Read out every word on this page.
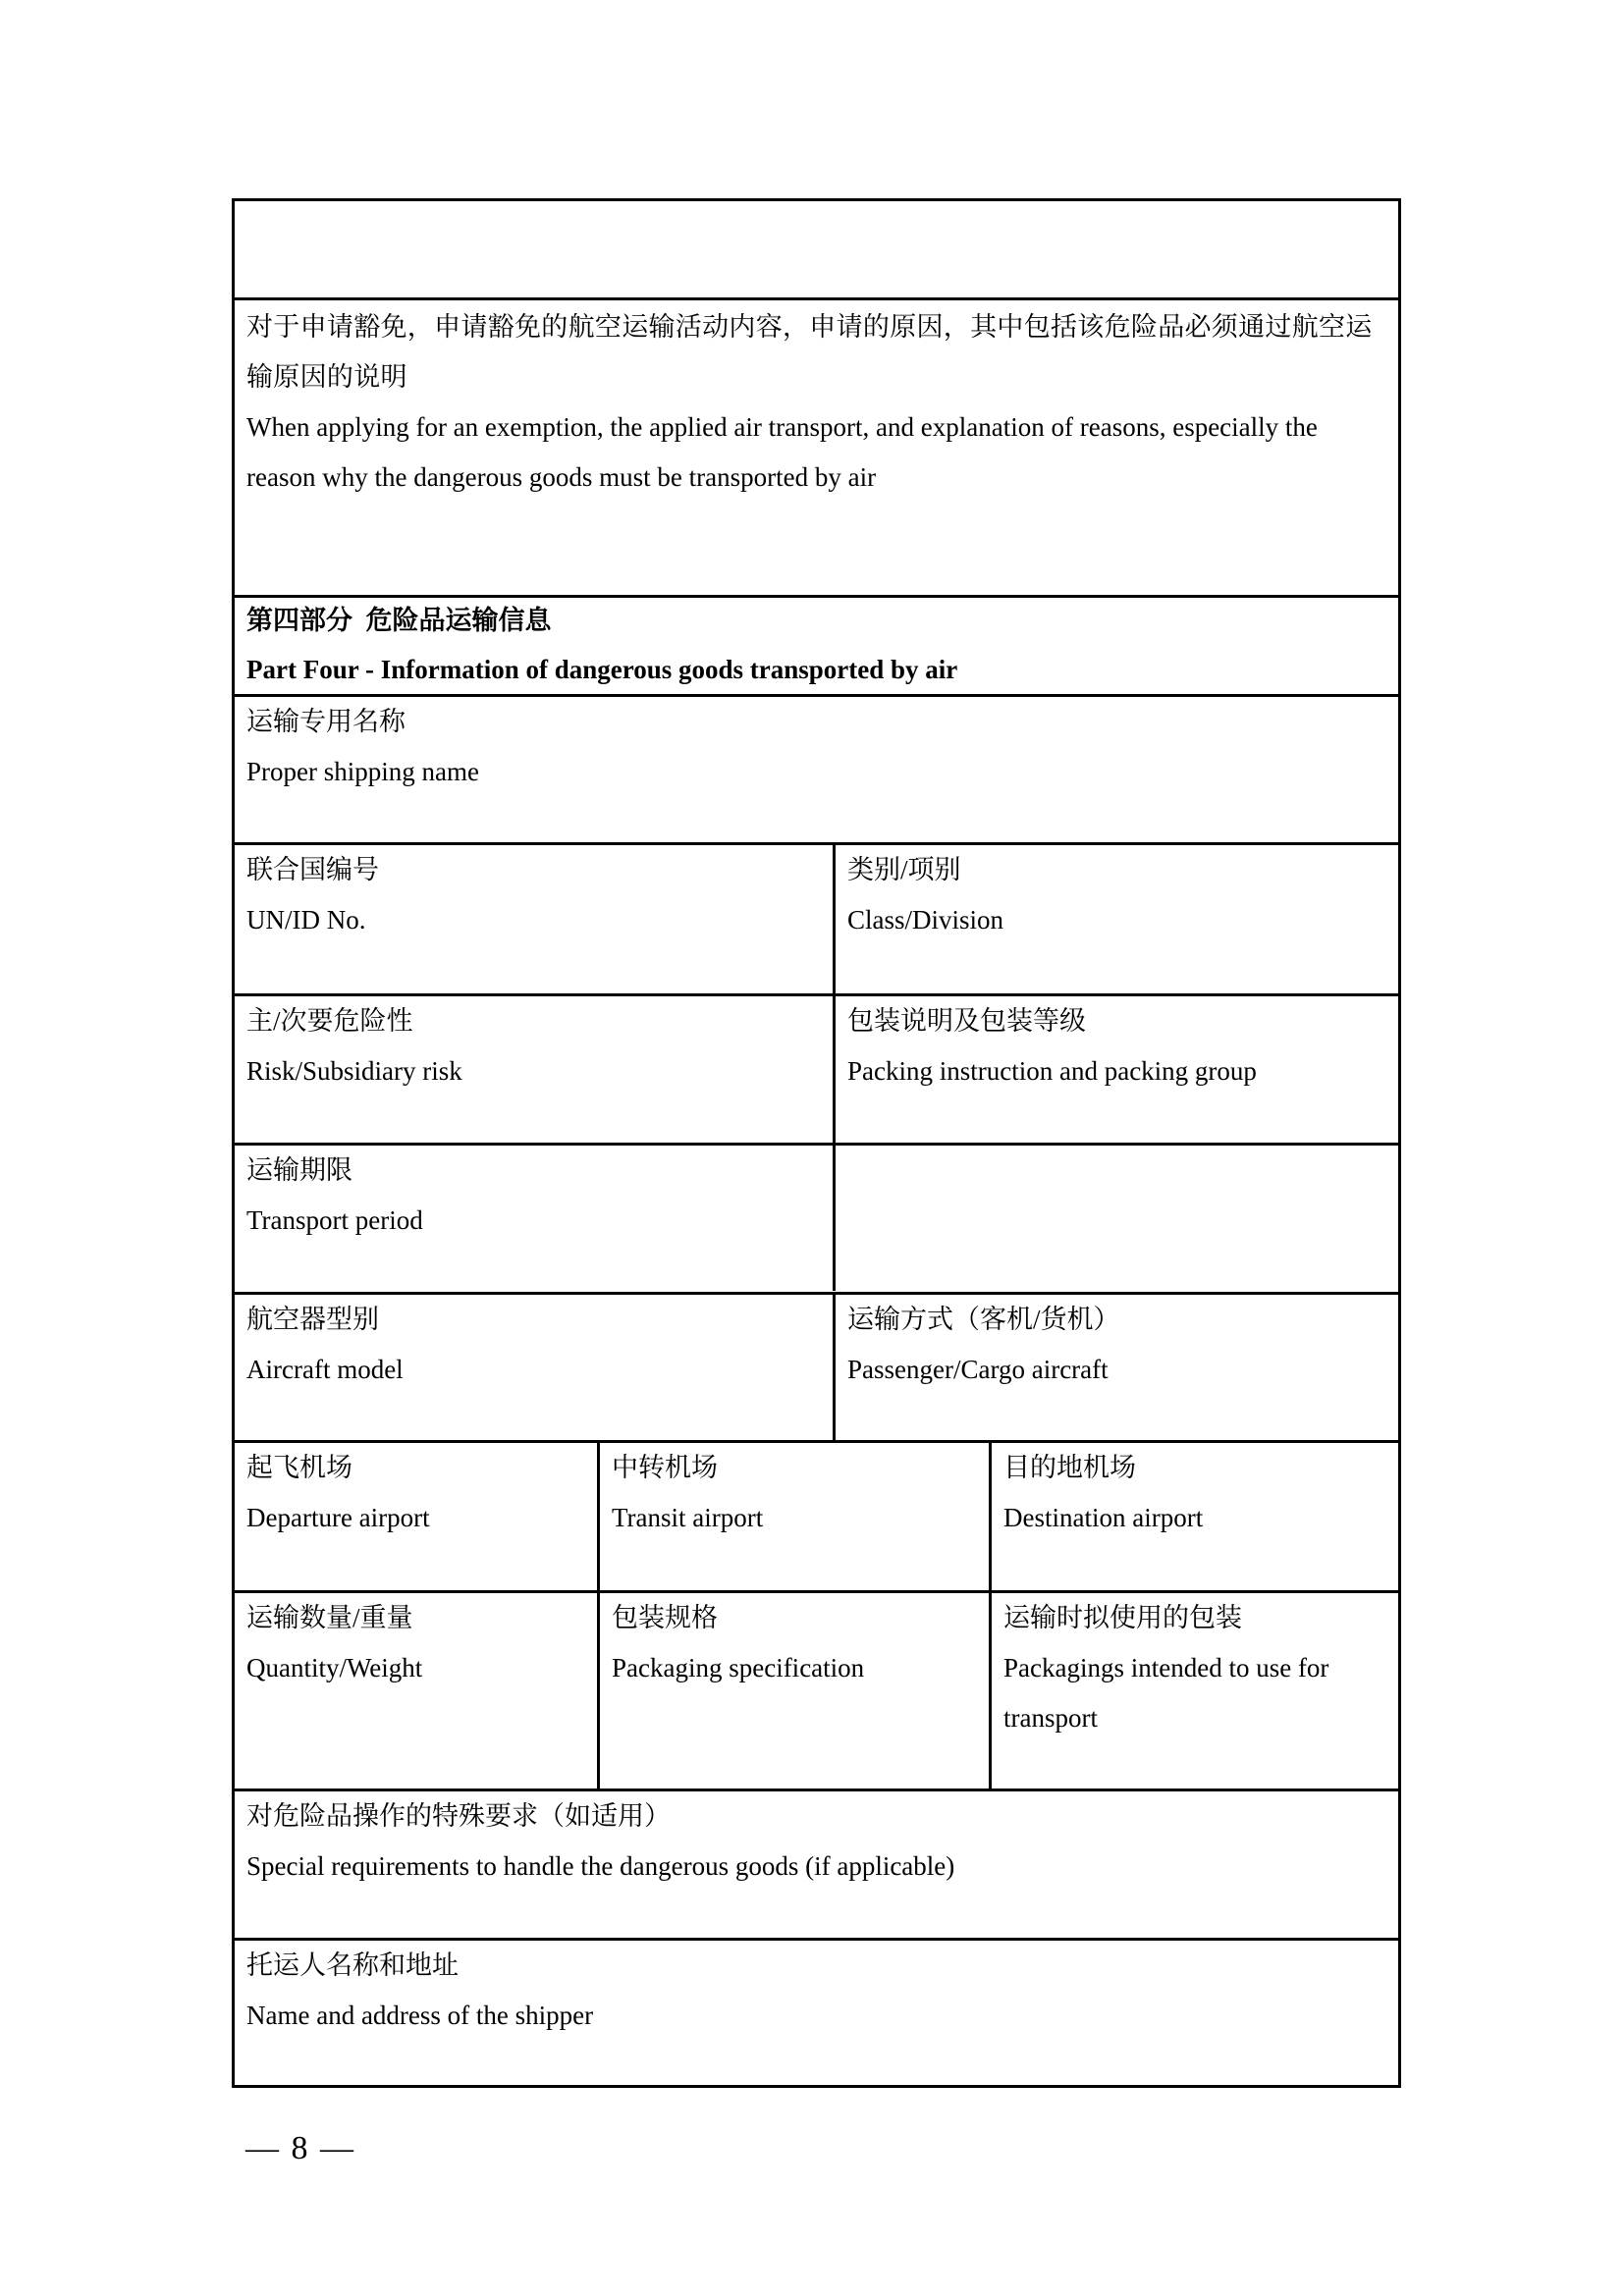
对于申请豁免，申请豁免的航空运输活动内容，申请的原因，其中包括该危险品必须通过航空运输原因的说明
When applying for an exemption, the applied air transport, and explanation of reasons, especially the reason why the dangerous goods must be transported by air
第四部分  危险品运输信息
Part Four - Information of dangerous goods transported by air
运输专用名称
Proper shipping name
联合国编号
UN/ID No.
类别/项别
Class/Division
主/次要危险性
Risk/Subsidiary risk
包装说明及包装等级
Packing instruction and packing group
运输期限
Transport period
航空器型别
Aircraft model
运输方式（客机/货机）
Passenger/Cargo aircraft
起飞机场
Departure airport
中转机场
Transit airport
目的地机场
Destination airport
运输数量/重量
Quantity/Weight
包装规格
Packaging specification
运输时拟使用的包装
Packagings intended to use for transport
对危险品操作的特殊要求（如适用）
Special requirements to handle the dangerous goods (if applicable)
托运人名称和地址
Name and address of the shipper
— 8 —
